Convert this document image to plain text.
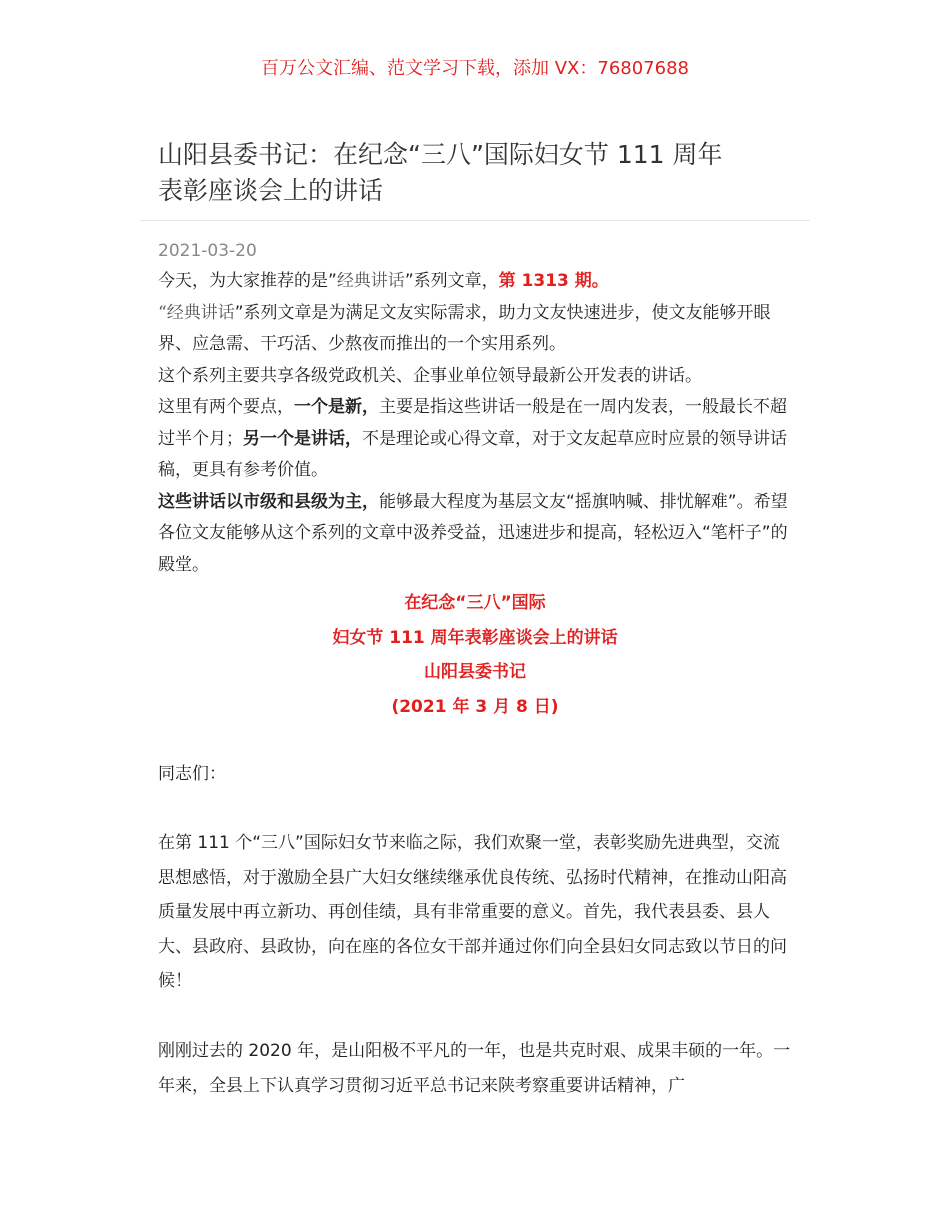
百万公文汇编、范文学习下载，添加 VX：76807688
山阳县委书记：在纪念“三八”国际妇女节 111 周年
表彰座谈会上的讲话
2021-03-20

今天，为大家推荐的是”经典讲话”系列文章，第 1313 期。

“经典讲话”系列文章是为满足文友实际需求，助力文友快速进步，使文友能够开眼界、应急需、干巧活、少熬夜而推出的一个实用系列。

这个系列主要共享各级党政机关、企事业单位领导最新公开发表的讲话。

这里有两个要点，一个是新，主要是指这些讲话一般是在一周内发表，一般最长不超过半个月；另一个是讲话，不是理论或心得文章，对于文友起草应时应景的领导讲话稿，更具有参考价值。

这些讲话以市级和县级为主，能够最大程度为基层文友“摇旗呐喊、排忧解难”。希望各位文友能够从这个系列的文章中汲养受益，迅速进步和提高，轻松迈入“笔杆子”的殿堂。

在纪念“三八”国际
妇女节 111 周年表彰座谈会上的讲话
山阳县委书记
(2021 年 3 月 8 日)

同志们：

在第 111 个“三八”国际妇女节来临之际，我们欢聚一堂，表彰奖励先进典型，交流思想感悟，对于激励全县广大妇女继续继承优良传统、弘扬时代精神，在推动山阳高质量发展中再立新功、再创佳绩，具有非常重要的意义。首先，我代表县委、县人大、县政府、县政协，向在座的各位女干部并通过你们向全县妇女同志致以节日的问候！

刚刚过去的 2020 年，是山阳极不平凡的一年，也是共克时艰、成果丰硕的一年。一年来，全县上下认真学习贯彻习近平总书记来陕考察重要讲话精神，广
